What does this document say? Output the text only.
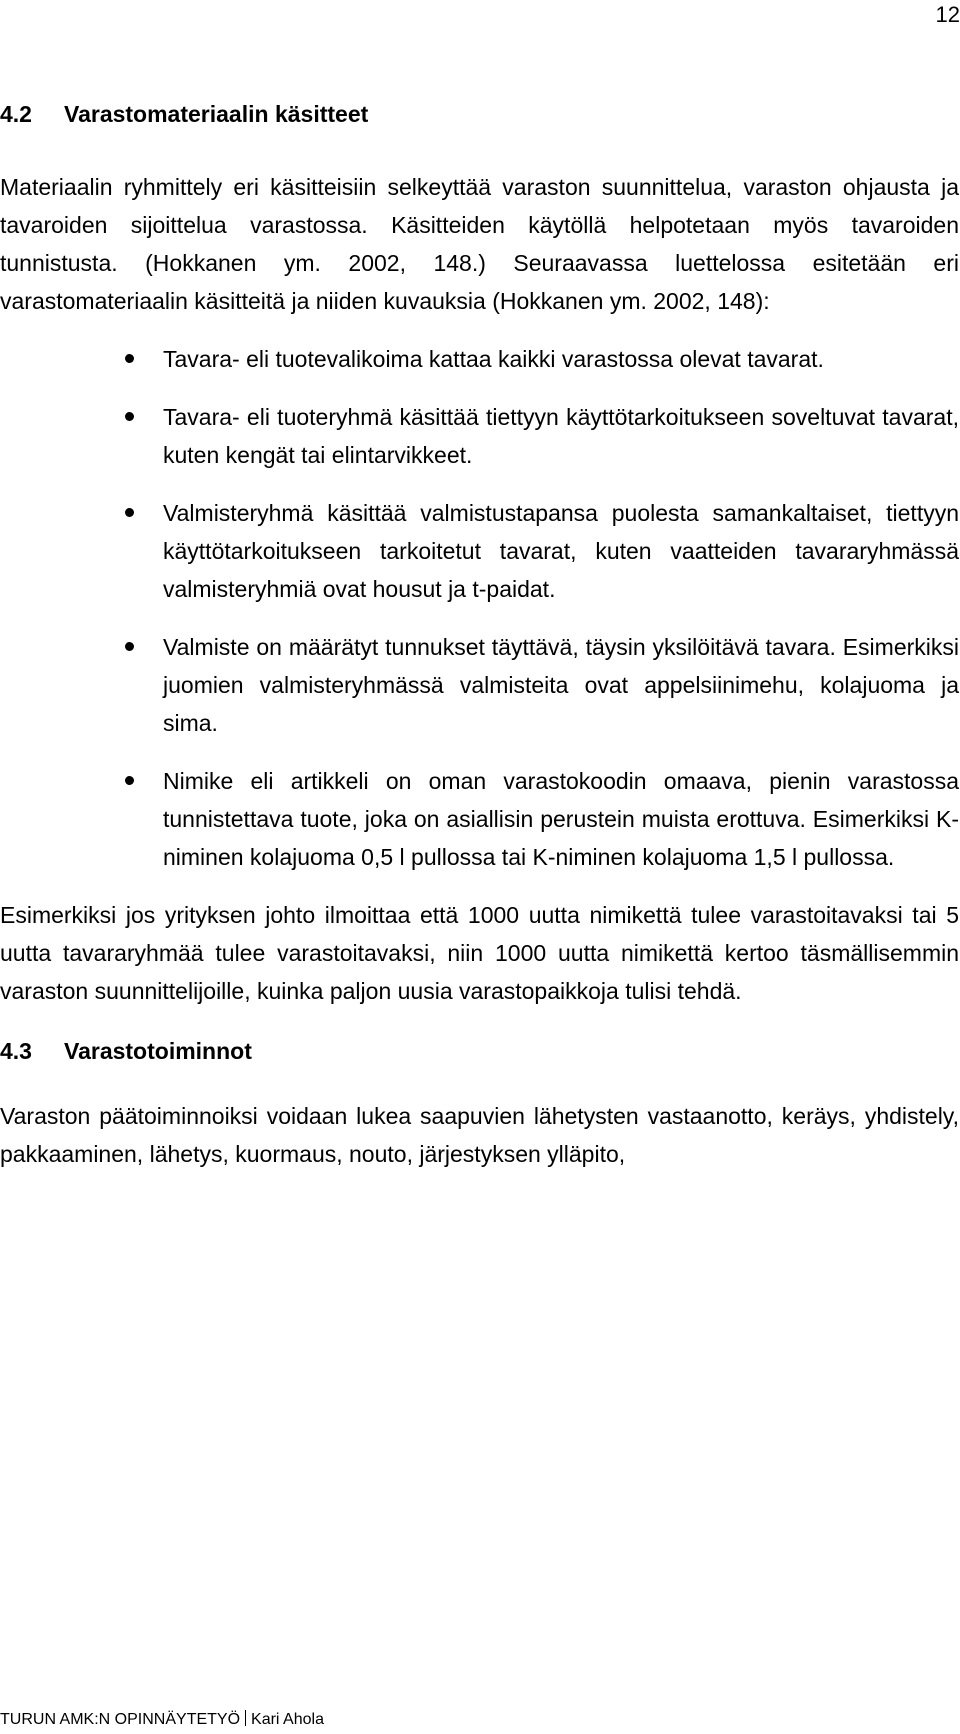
12
4.2 Varastomateriaalin käsitteet

Materiaalin ryhmittely eri käsitteisiin selkeyttää varaston suunnittelua, varaston ohjausta ja tavaroiden sijoittelua varastossa. Käsitteiden käytöllä helpotetaan myös tavaroiden tunnistusta. (Hokkanen ym. 2002, 148.) Seuraavassa luettelossa esitetään eri varastomateriaalin käsitteitä ja niiden kuvauksia (Hokkanen ym. 2002, 148):

Tavara- eli tuotevalikoima kattaa kaikki varastossa olevat tavarat.
Tavara- eli tuoteryhmä käsittää tiettyyn käyttötarkoitukseen soveltuvat tavarat, kuten kengät tai elintarvikkeet.
Valmisteryhmä käsittää valmistustapansa puolesta samankaltaiset, tiettyyn käyttötarkoitukseen tarkoitetut tavarat, kuten vaatteiden tavararyhmässä valmisteryhmiä ovat housut ja t-paidat.
Valmiste on määrätyt tunnukset täyttävä, täysin yksilöitävä tavara. Esimerkiksi juomien valmisteryhmässä valmisteita ovat appelsiinimehu, kolajuoma ja sima.
Nimike eli artikkeli on oman varastokoodin omaava, pienin varastossa tunnistettava tuote, joka on asiallisin perustein muista erottuva. Esimerkiksi K-niminen kolajuoma 0,5 l pullossa tai K-niminen kolajuoma 1,5 l pullossa.

Esimerkiksi jos yrityksen johto ilmoittaa että 1000 uutta nimikettä tulee varastoitavaksi tai 5 uutta tavararyhmää tulee varastoitavaksi, niin 1000 uutta nimikettä kertoo täsmällisemmin varaston suunnittelijoille, kuinka paljon uusia varastopaikkoja tulisi tehdä.

4.3 Varastotoiminnot

Varaston päätoiminnoiksi voidaan lukea saapuvien lähetysten vastaanotto, keräys, yhdistely, pakkaaminen, lähetys, kuormaus, nouto, järjestyksen ylläpito,

TURUN AMK:N OPINNÄYTETYÖ Kari Ahola
